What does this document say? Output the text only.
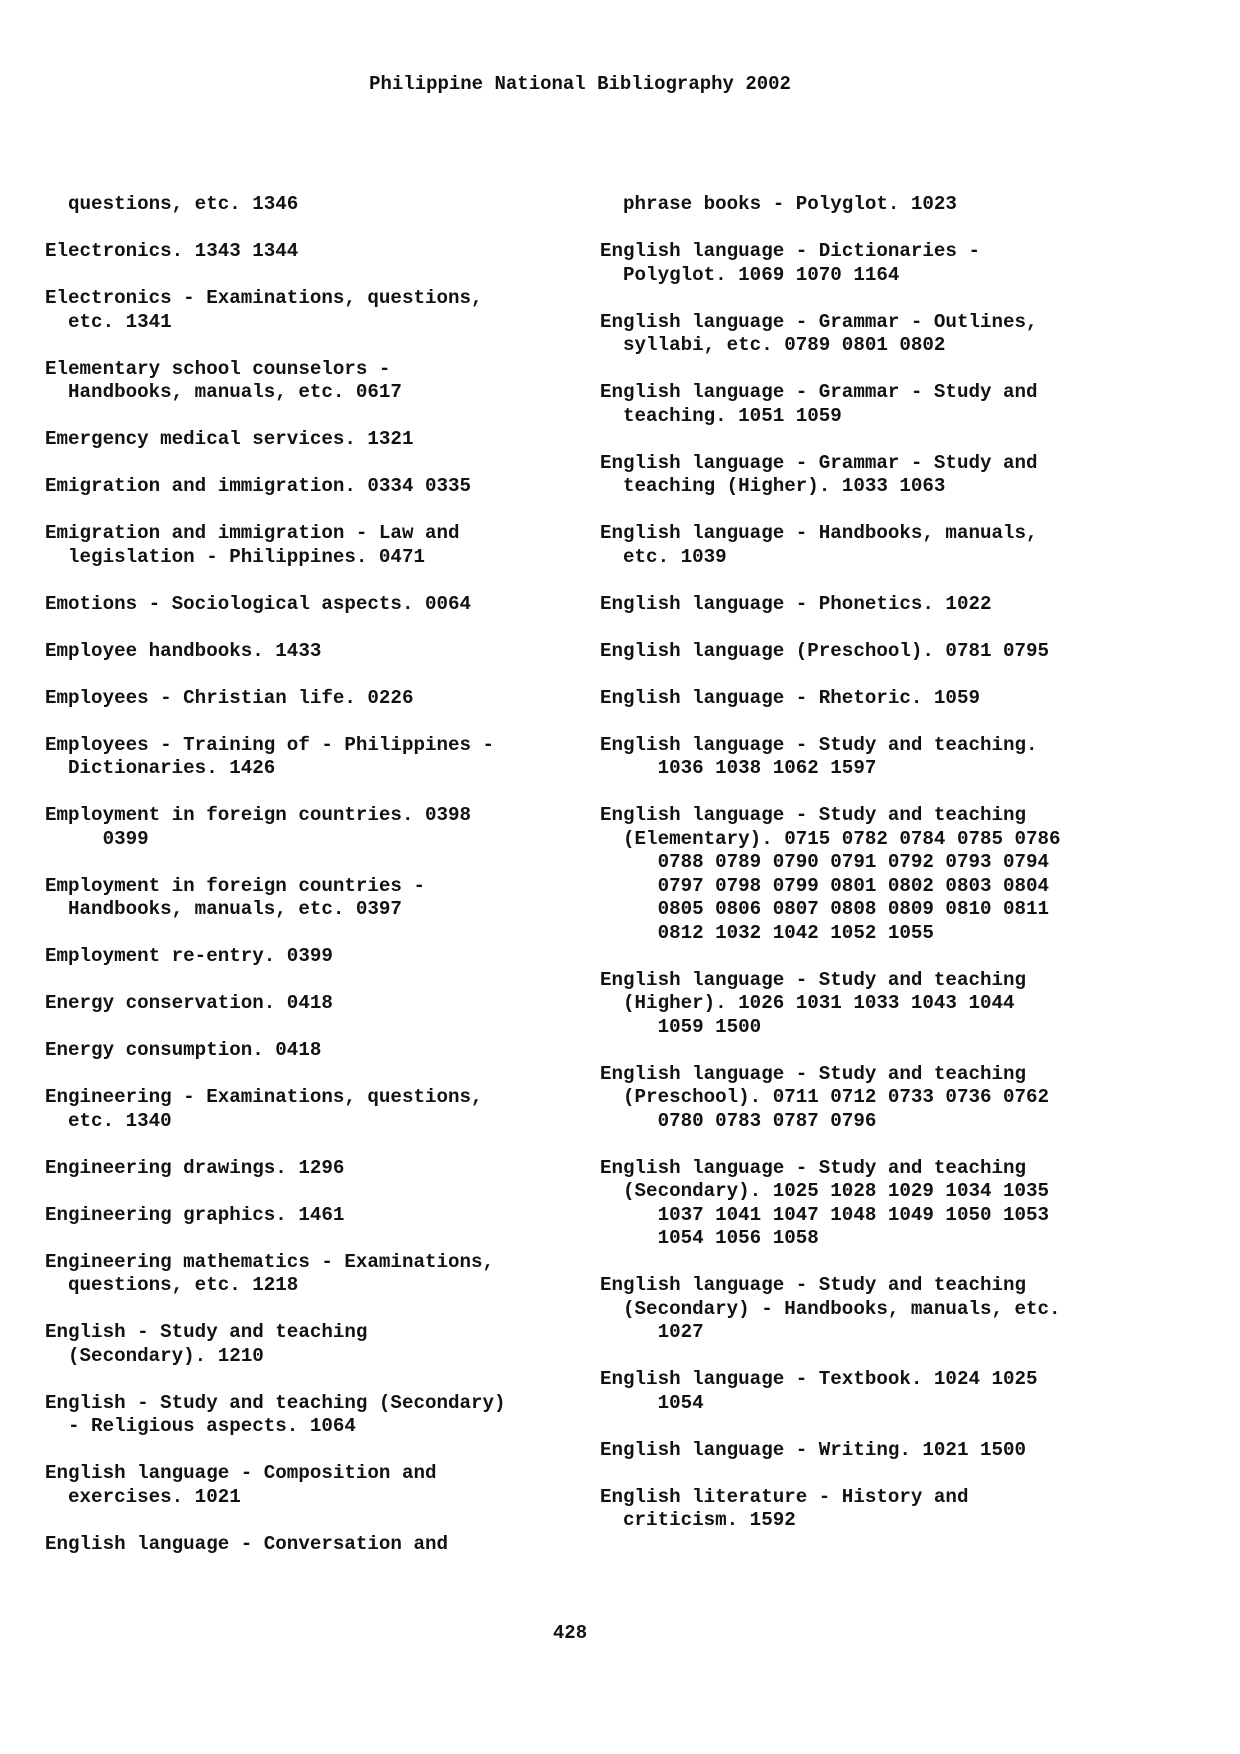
Philippine National Bibliography 2002
questions, etc. 1346
Electronics. 1343 1344
Electronics - Examinations, questions,
etc. 1341
Elementary school counselors -
Handbooks, manuals, etc. 0617
Emergency medical services. 1321
Emigration and immigration. 0334 0335
Emigration and immigration - Law and
legislation - Philippines. 0471
Emotions - Sociological aspects. 0064
Employee handbooks. 1433
Employees - Christian life. 0226
Employees - Training of - Philippines -
Dictionaries. 1426
Employment in foreign countries. 0398
0399
Employment in foreign countries -
Handbooks, manuals, etc. 0397
Employment re-entry. 0399
Energy conservation. 0418
Energy consumption. 0418
Engineering - Examinations, questions,
etc. 1340
Engineering drawings. 1296
Engineering graphics. 1461
Engineering mathematics - Examinations,
questions, etc. 1218
English - Study and teaching
(Secondary). 1210
English - Study and teaching (Secondary)
- Religious aspects. 1064
English language - Composition and
exercises. 1021
English language - Conversation and
phrase books - Polyglot. 1023
English language - Dictionaries -
Polyglot. 1069 1070 1164
English language - Grammar - Outlines,
syllabi, etc. 0789 0801 0802
English language - Grammar - Study and
teaching. 1051 1059
English language - Grammar - Study and
teaching (Higher). 1033 1063
English language - Handbooks, manuals,
etc. 1039
English language - Phonetics. 1022
English language (Preschool). 0781 0795
English language - Rhetoric. 1059
English language - Study and teaching.
1036 1038 1062 1597
English language - Study and teaching
(Elementary). 0715 0782 0784 0785 0786
0788 0789 0790 0791 0792 0793 0794
0797 0798 0799 0801 0802 0803 0804
0805 0806 0807 0808 0809 0810 0811
0812 1032 1042 1052 1055
English language - Study and teaching
(Higher). 1026 1031 1033 1043 1044
1059 1500
English language - Study and teaching
(Preschool). 0711 0712 0733 0736 0762
0780 0783 0787 0796
English language - Study and teaching
(Secondary). 1025 1028 1029 1034 1035
1037 1041 1047 1048 1049 1050 1053
1054 1056 1058
English language - Study and teaching
(Secondary) - Handbooks, manuals, etc.
1027
English language - Textbook. 1024 1025
1054
English language - Writing. 1021 1500
English literature - History and
criticism. 1592
428
